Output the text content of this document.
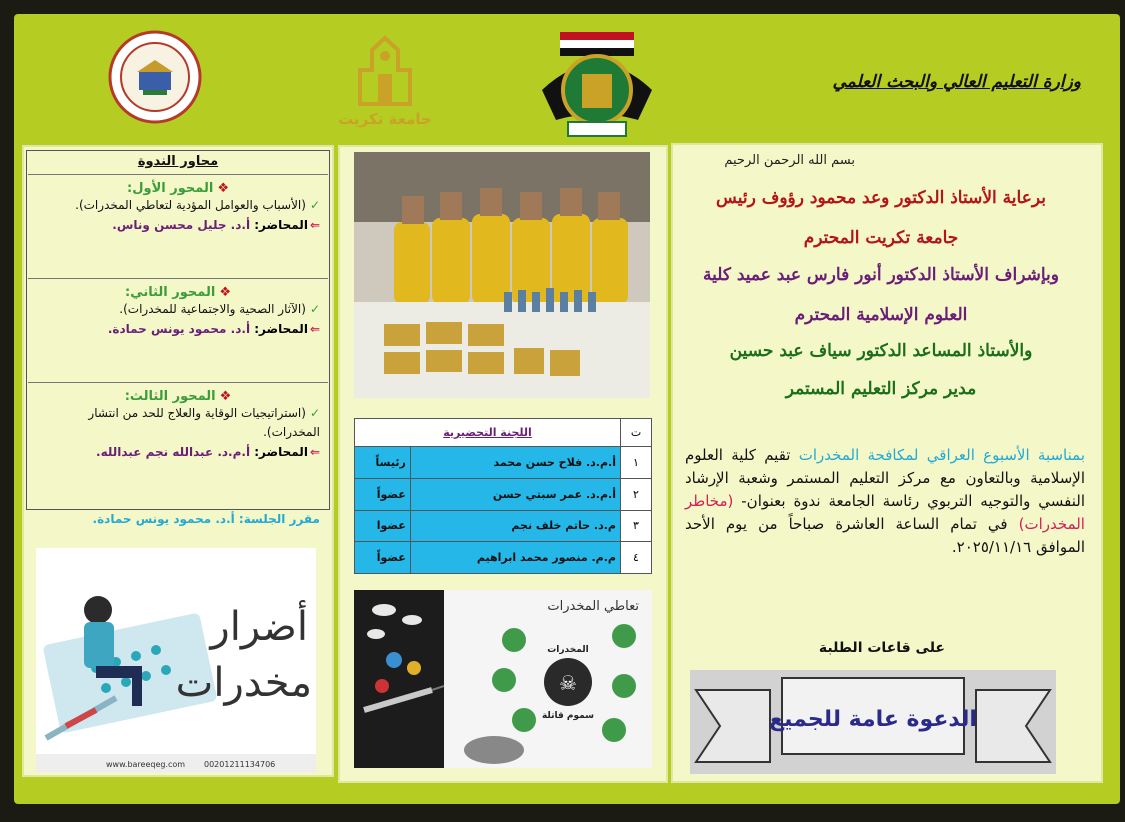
جامعة تكريت
وزارة التعليم العالي والبحث العلمي
بسم الله الرحمن الرحيم
برعاية الأستاذ الدكتور وعد محمود رؤوف رئيس
جامعة تكريت المحترم
وبإشراف الأستاذ الدكتور أنور فارس عبد عميد كلية
العلوم الإسلامية المحترم
والأستاذ المساعد الدكتور سياف عبد حسين
مدير مركز التعليم المستمر
بمناسبة الأسبوع العراقي لمكافحة المخدرات تقيم كلية العلوم الإسلامية وبالتعاون مع مركز التعليم المستمر وشعبة الإرشاد النفسي والتوجيه التربوي رئاسة الجامعة ندوة بعنوان- (مخاطر المخدرات) في تمام الساعة العاشرة صباحاً من يوم الأحد الموافق ٢٠٢٥/١١/١٦.
على قاعات الطلبة
الدعوة عامة للجميع
محاور الندوة
❖المحور الأول:
✓(الأسباب والعوامل المؤدية لتعاطي المخدرات).
⇐المحاضر: أ.د. جليل محسن وناس.
❖المحور الثاني:
✓(الآثار الصحية والاجتماعية للمخدرات).
⇐المحاضر: أ.د. محمود يونس حمادة.
❖المحور الثالث:
✓(استراتيجيات الوقاية والعلاج للحد من انتشار المخدرات).
⇐المحاضر: أ.م.د. عبدالله نجم عبدالله.
مقرر الجلسة: أ.د. محمود يونس حمادة.
أضرار
مخدرات
www.bareeqeg.com 00201211134706
ت	اللجنة التحضيرية	
١	أ.م.د. فلاح حسن محمد	رئيساً
٢	أ.م.د. عمر سبتي حسن	عضواً
٣	م.د. حاتم خلف نجم	عضوا
٤	م.م. منصور محمد ابراهيم	عضواً
تعاطي المخدرات
☠
المخدرات
سموم قاتلة
